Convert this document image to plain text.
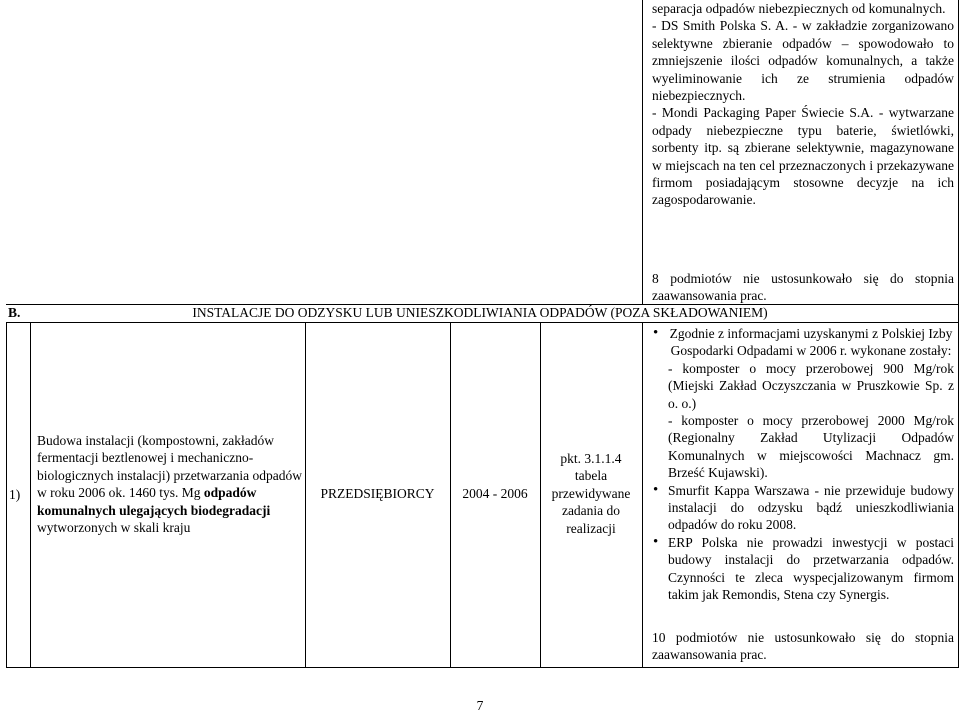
separacja odpadów niebezpiecznych od komunalnych.
- DS Smith Polska S. A. - w zakładzie zorganizowano selektywne zbieranie odpadów – spowodowało to zmniejszenie ilości odpadów komunalnych, a także wyeliminowanie ich ze strumienia odpadów niebezpiecznych.
- Mondi Packaging Paper Świecie S.A. - wytwarzane odpady niebezpieczne typu baterie, świetlówki, sorbenty itp. są zbierane selektywnie, magazynowane w miejscach na ten cel przeznaczonych i przekazywane firmom posiadającym stosowne decyzje na ich zagospodarowanie.
8 podmiotów nie ustosunkowało się do stopnia zaawansowania prac.
B.	INSTALACJE DO ODZYSKU LUB UNIESZKODLIWIANIA ODPADÓW (POZA SKŁADOWANIEM)
1)
Budowa instalacji (kompostowni, zakładów fermentacji beztlenowej i mechaniczno- biologicznych instalacji) przetwarzania odpadów w roku 2006 ok. 1460 tys. Mg odpadów komunalnych ulegających biodegradacji wytworzonych w skali kraju
PRZEDSIĘBIORCY	2004 - 2006
pkt. 3.1.1.4 tabela przewidywane zadania do realizacji
• Zgodnie z informacjami uzyskanymi z Polskiej Izby Gospodarki Odpadami w 2006 r. wykonane zostały:
- komposter o mocy przerobowej 900 Mg/rok (Miejski Zakład Oczyszczania w Pruszkowie Sp. z o. o.)
- komposter o mocy przerobowej 2000 Mg/rok (Regionalny Zakład Utylizacji Odpadów Komunalnych w miejscowości Machnacz gm. Brześć Kujawski).
• Smurfit Kappa Warszawa - nie przewiduje budowy instalacji do odzysku bądź unieszkodliwiania odpadów do roku 2008.
• ERP Polska nie prowadzi inwestycji w postaci budowy instalacji do przetwarzania odpadów. Czynności te zleca wyspecjalizowanym firmom takim jak Remondis, Stena czy Synergis.
10 podmiotów nie ustosunkowało się do stopnia zaawansowania prac.
7
